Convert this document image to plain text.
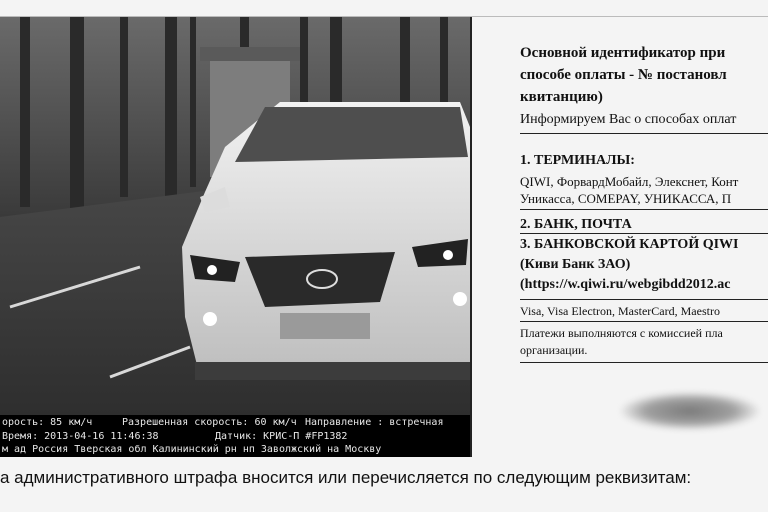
орость: 85 км/ч	Разрешенная скорость: 60 км/ч Направление : встречная
Время: 2013-04-16 11:46:38	Датчик: КРИС-П #FP1382
м ад Россия Тверская обл Калининский рн нп Заволжский на Москву
Основной идентификатор при
способе оплаты - № постановл
квитанцию)
Информируем Вас о способах оплат
1. ТЕРМИНАЛЫ:
QIWI, ФорвардМобайл, Элекснет, Конт
Уникасса, COMEPAY, УНИКАССА, П
2. БАНК, ПОЧТА
3. БАНКОВСКОЙ КАРТОЙ QIWI
(Киви Банк ЗАО)
(https://w.qiwi.ru/webgibdd2012.ac
Visa, Visa Electron, MasterCard, Maestro
Платежи выполняются с комиссией пла
организации.
а административного штрафа вносится или перечисляется по следующим реквизитам:
